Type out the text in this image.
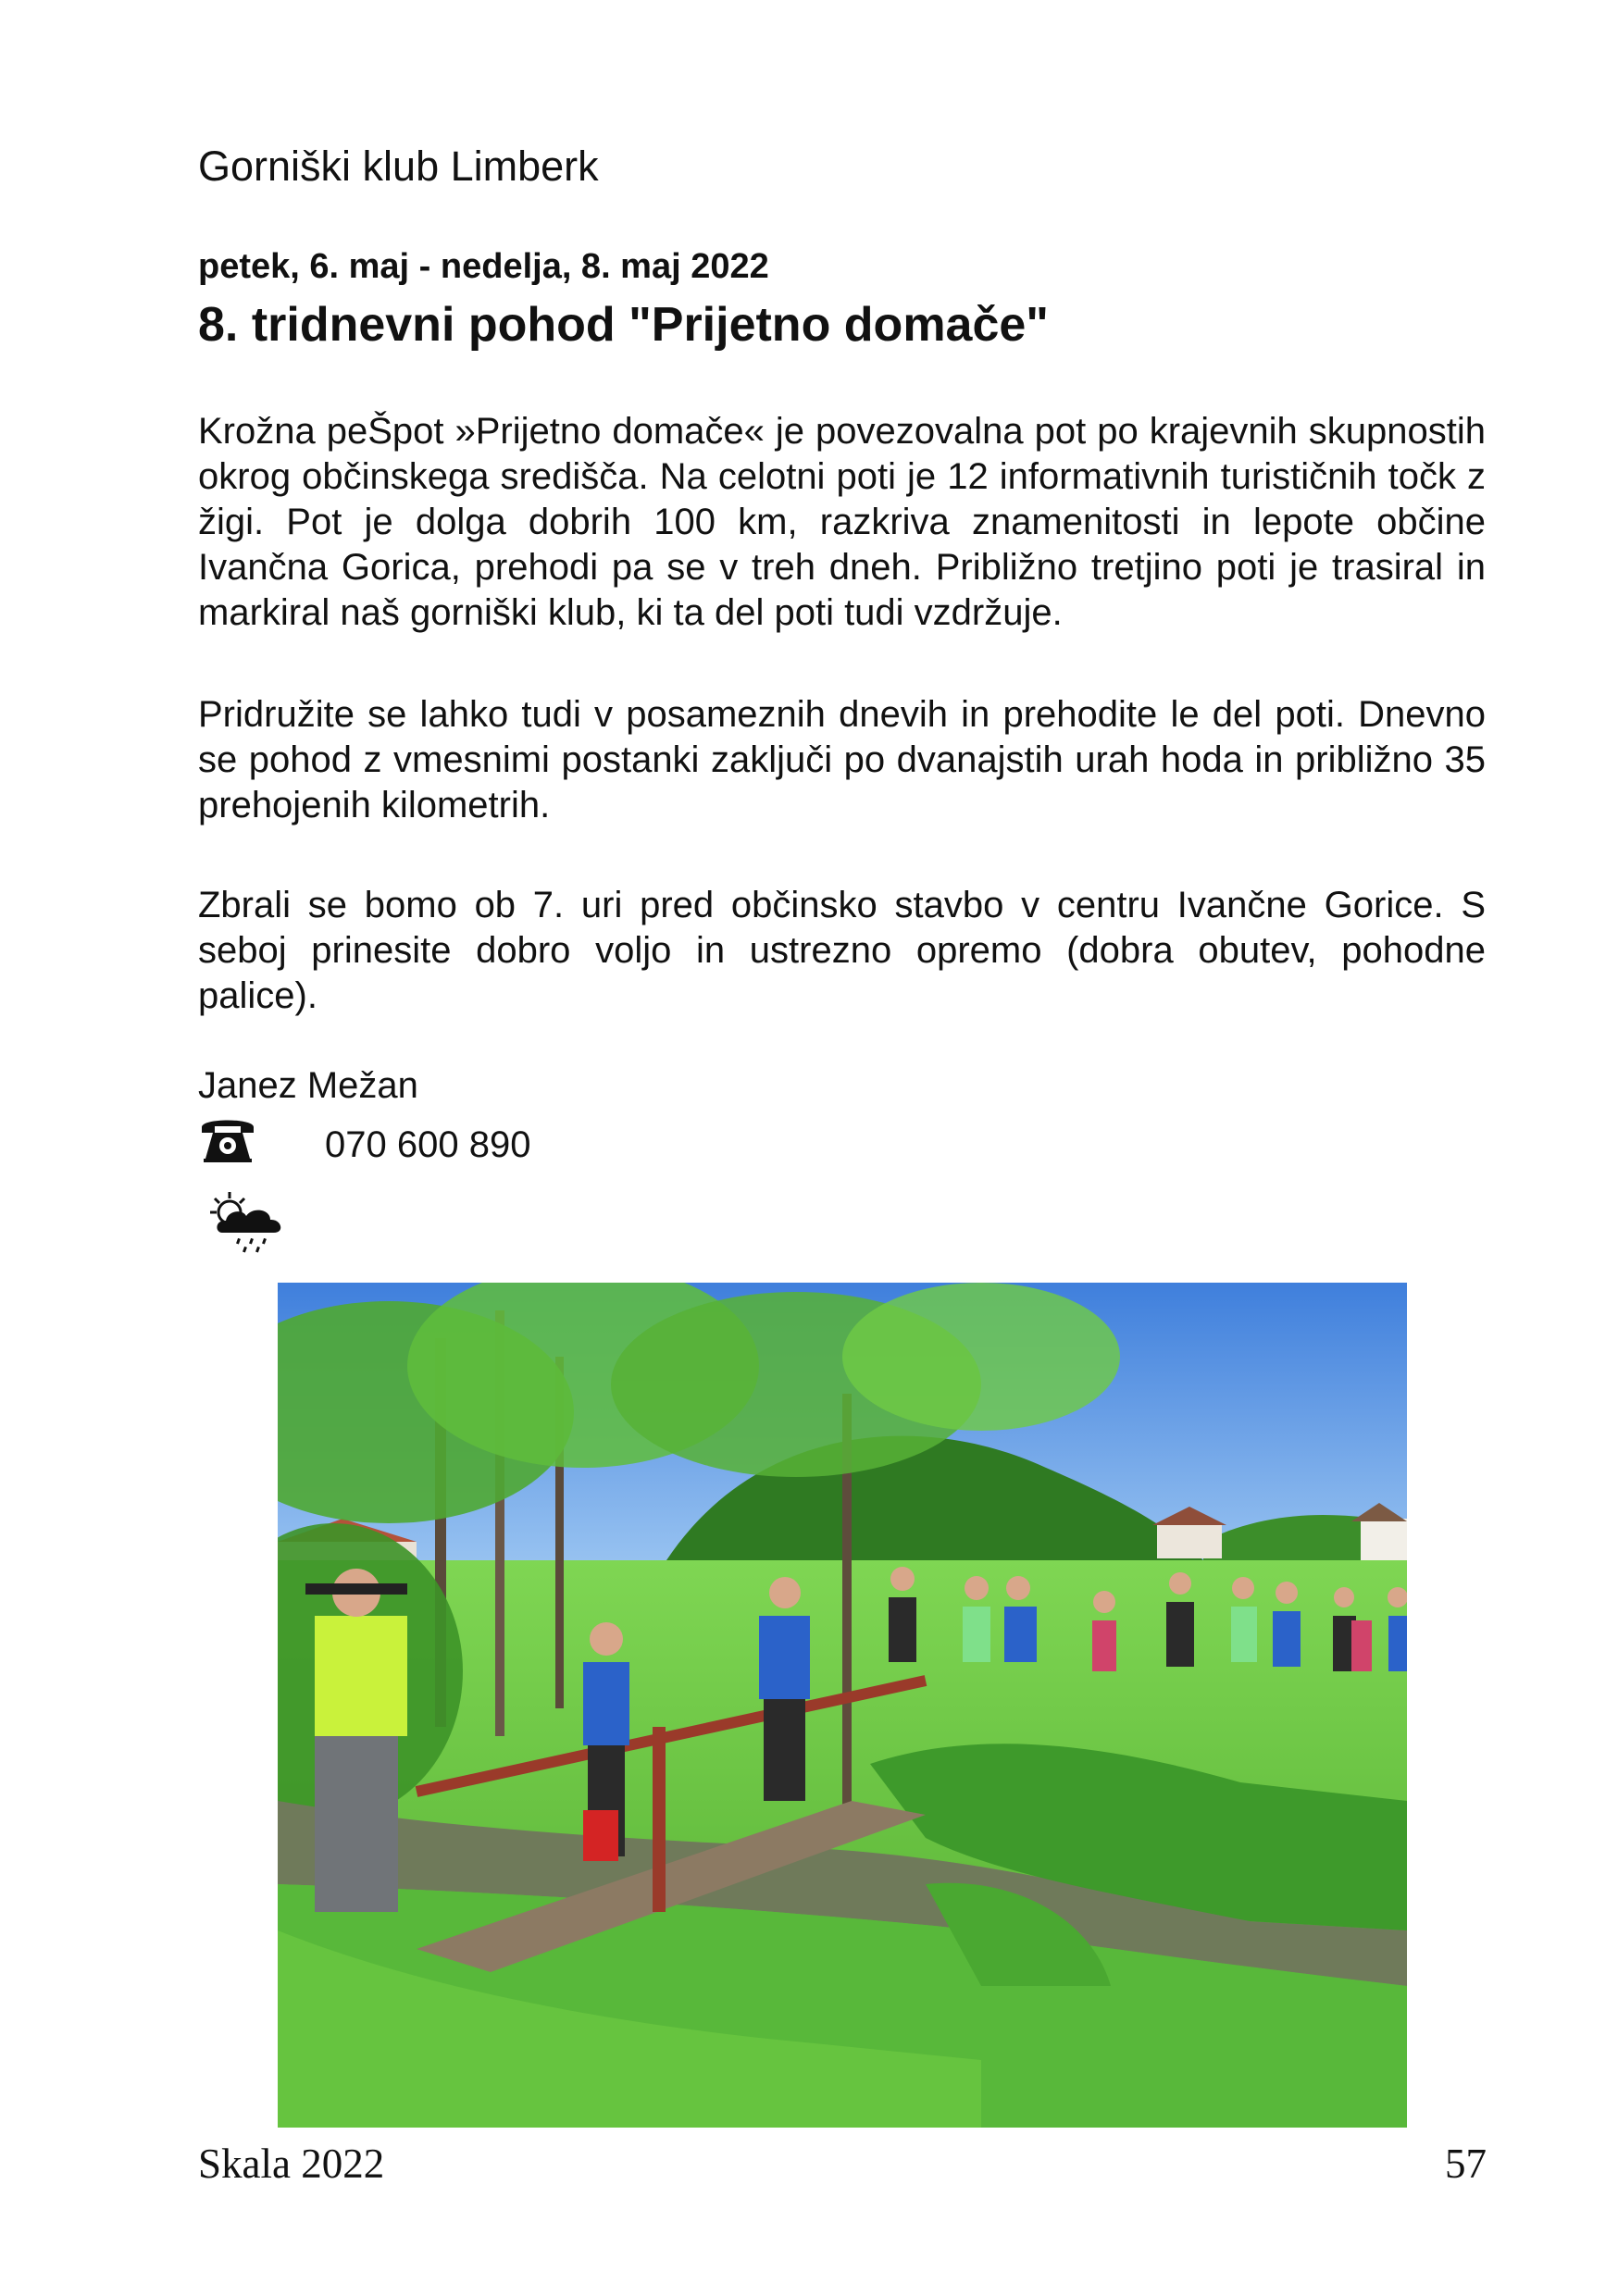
Gorniški klub Limberk
petek, 6. maj - nedelja, 8. maj 2022
8. tridnevni pohod "Prijetno domače"

Krožna peŠpot »Prijetno domače« je povezovalna pot po krajevnih skupnostih okrog občinskega središča. Na celotni poti je 12 informativnih turističnih točk z žigi. Pot je dolga dobrih 100 km, razkriva znamenitosti in lepote občine Ivančna Gorica, prehodi pa se v treh dneh. Približno tretjino poti je trasiral in markiral naš gorniški klub, ki ta del poti tudi vzdržuje.

Pridružite se lahko tudi v posameznih dnevih in prehodite le del poti. Dnevno se pohod z vmesnimi postanki zaključi po dvanajstih urah hoda in približno 35 prehojenih kilometrih.

Zbrali se bomo ob 7. uri pred občinsko stavbo v centru Ivančne Gorice. S seboj prinesite dobro voljo in ustrezno opremo (dobra obutev, pohodne palice).

Janez Mežan
070 600 890
Skala 2022	57
